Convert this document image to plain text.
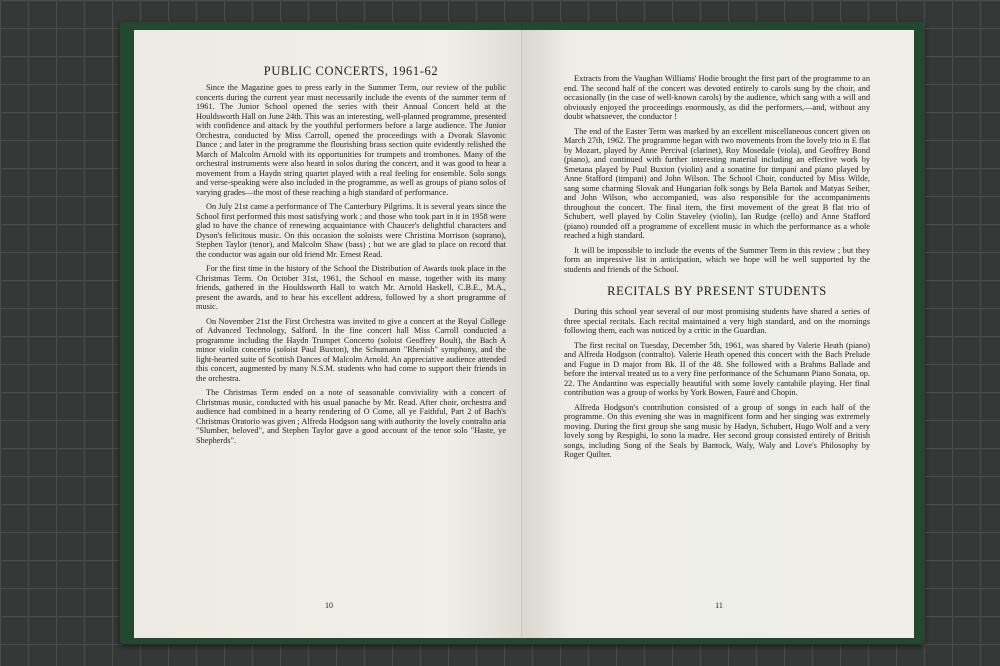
PUBLIC CONCERTS, 1961-62

Since the Magazine goes to press early in the Summer Term, our review of the public concerts during the current year must necessarily include the events of the summer term of 1961. The Junior School opened the series with their Annual Concert held at the Houldsworth Hall on June 24th. This was an interesting, well-planned programme, presented with confidence and attack by the youthful performers before a large audience. The Junior Orchestra, conducted by Miss Carroll, opened the proceedings with a Dvorak Slavonic Dance ; and later in the programme the flourishing brass section quite evidently relished the March of Malcolm Arnold with its opportunities for trumpets and trombones. Many of the orchestral instruments were also heard in solos during the concert, and it was good to hear a movement from a Haydn string quartet played with a real feeling for ensemble. Solo songs and verse-speaking were also included in the programme, as well as groups of piano solos of varying grades—the most of these reaching a high standard of performance.

On July 21st came a performance of The Canterbury Pilgrims. It is several years since the School first performed this most satisfying work ; and those who took part in it in 1958 were glad to have the chance of renewing acquaintance with Chaucer's delightful characters and Dyson's felicitous music. On this occasion the soloists were Christina Morrison (soprano), Stephen Taylor (tenor), and Malcolm Shaw (bass) ; but we are glad to place on record that the conductor was again our old friend Mr. Ernest Read.

For the first time in the history of the School the Distribution of Awards took place in the Christmas Term. On October 31st, 1961, the School en masse, together with its many friends, gathered in the Houldsworth Hall to watch Mr. Arnold Haskell, C.B.E., M.A., present the awards, and to hear his excellent address, followed by a short programme of music.

On November 21st the First Orchestra was invited to give a concert at the Royal College of Advanced Technology, Salford. In the fine concert hall Miss Carroll conducted a programme including the Haydn Trumpet Concerto (soloist Geoffrey Boult), the Bach A minor violin concerto (soloist Paul Buxton), the Schumann "Rhenish" symphony, and the light-hearted suite of Scottish Dances of Malcolm Arnold. An appreciative audience attended this concert, augmented by many N.S.M. students who had come to support their friends in the orchestra.

The Christmas Term ended on a note of seasonable conviviality with a concert of Christmas music, conducted with his usual panache by Mr. Read. After choir, orchestra and audience had combined in a hearty rendering of O Come, all ye Faithful, Part 2 of Bach's Christmas Oratorio was given ; Alfreda Hodgson sang with authority the lovely contralto aria "Slumber, beloved", and Stephen Taylor gave a good account of the tenor solo "Haste, ye Shepherds".

10

Extracts from the Vaughan Williams' Hodie brought the first part of the programme to an end. The second half of the concert was devoted entirely to carols sung by the choir, and occasionally (in the case of well-known carols) by the audience, which sang with a will and obviously enjoyed the proceedings enormously, as did the performers,—and, without any doubt whatsoever, the conductor !

The end of the Easter Term was marked by an excellent miscellaneous concert given on March 27th, 1962. The programme began with two movements from the lovely trio in E flat by Mozart, played by Anne Percival (clarinet), Roy Mosedale (viola), and Geoffrey Bond (piano), and continued with further interesting material including an effective work by Smetana played by Paul Buxton (violin) and a sonatine for timpani and piano played by Anne Stafford (timpani) and John Wilson. The School Choir, conducted by Miss Wilde, sang some charming Slovak and Hungarian folk songs by Bela Bartok and Matyas Seiber, and John Wilson, who accompanied, was also responsible for the accompaniments throughout the concert. The final item, the first movement of the great B flat trio of Schubert, well played by Colin Staveley (violin), Ian Rudge (cello) and Anne Stafford (piano) rounded off a programme of excellent music in which the performance as a whole reached a high standard.

It will be impossible to include the events of the Summer Term in this review ; but they form an impressive list in anticipation, which we hope will be well supported by the students and friends of the School.

RECITALS BY PRESENT STUDENTS

During this school year several of our most promising students have shared a series of three special recitals. Each recital maintained a very high standard, and on the mornings following them, each was noticed by a critic in the Guardian.

The first recital on Tuesday, December 5th, 1961, was shared by Valerie Heath (piano) and Alfreda Hodgson (contralto). Valerie Heath opened this concert with the Bach Prelude and Fugue in D major from Bk. II of the 48. She followed with a Brahms Ballade and before the interval treated us to a very fine performance of the Schumann Piano Sonata, op. 22. The Andantino was especially beautiful with some lovely cantabile playing. Her final contribution was a group of works by York Bowen, Fauré and Chopin.

Alfreda Hodgson's contribution consisted of a group of songs in each half of the programme. On this evening she was in magnificent form and her singing was extremely moving. During the first group she sang music by Hadyn, Schubert, Hugo Wolf and a very lovely song by Respighi, Io sono la madre. Her second group consisted entirely of British songs, including Song of the Seals by Bantock, Waly, Waly and Love's Philosophy by Roger Quilter.

11
